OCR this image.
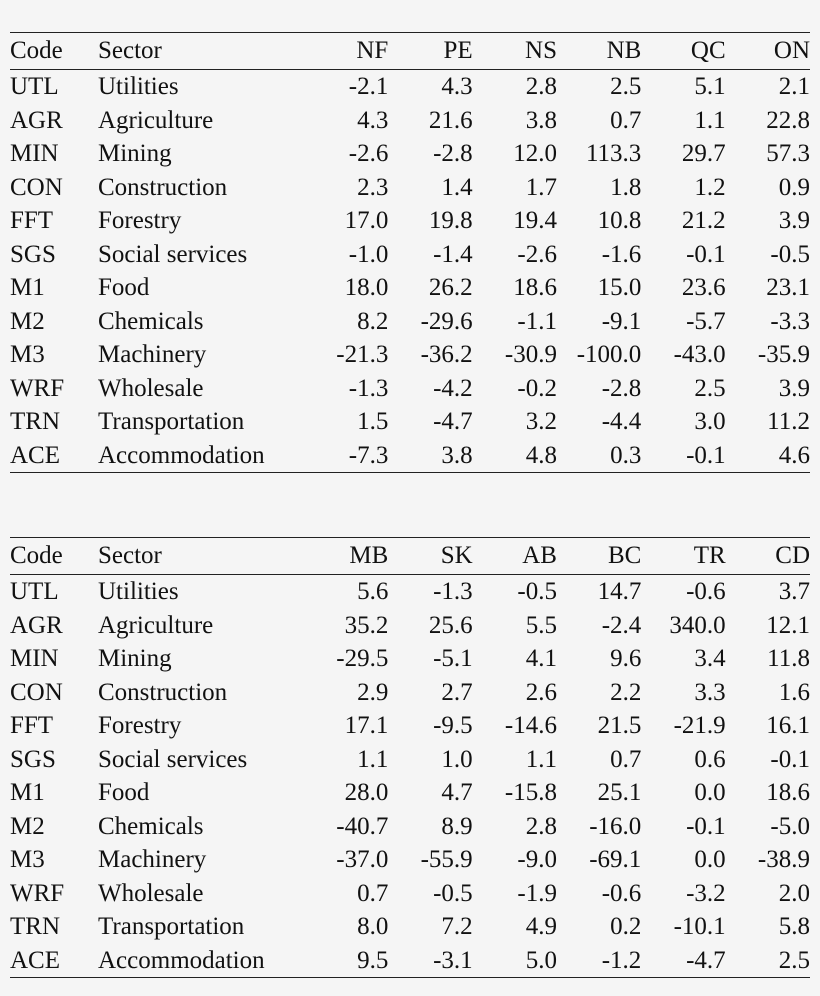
Code	Sector	NF	PE	NS	NB	QC	ON
UTL	Utilities	-2.1	4.3	2.8	2.5	5.1	2.1
AGR	Agriculture	4.3	21.6	3.8	0.7	1.1	22.8
MIN	Mining	-2.6	-2.8	12.0	113.3	29.7	57.3
CON	Construction	2.3	1.4	1.7	1.8	1.2	0.9
FFT	Forestry	17.0	19.8	19.4	10.8	21.2	3.9
SGS	Social services	-1.0	-1.4	-2.6	-1.6	-0.1	-0.5
M1	Food	18.0	26.2	18.6	15.0	23.6	23.1
M2	Chemicals	8.2	-29.6	-1.1	-9.1	-5.7	-3.3
M3	Machinery	-21.3	-36.2	-30.9	-100.0	-43.0	-35.9
WRF	Wholesale	-1.3	-4.2	-0.2	-2.8	2.5	3.9
TRN	Transportation	1.5	-4.7	3.2	-4.4	3.0	11.2
ACE	Accommodation	-7.3	3.8	4.8	0.3	-0.1	4.6
Code	Sector	MB	SK	AB	BC	TR	CD
UTL	Utilities	5.6	-1.3	-0.5	14.7	-0.6	3.7
AGR	Agriculture	35.2	25.6	5.5	-2.4	340.0	12.1
MIN	Mining	-29.5	-5.1	4.1	9.6	3.4	11.8
CON	Construction	2.9	2.7	2.6	2.2	3.3	1.6
FFT	Forestry	17.1	-9.5	-14.6	21.5	-21.9	16.1
SGS	Social services	1.1	1.0	1.1	0.7	0.6	-0.1
M1	Food	28.0	4.7	-15.8	25.1	0.0	18.6
M2	Chemicals	-40.7	8.9	2.8	-16.0	-0.1	-5.0
M3	Machinery	-37.0	-55.9	-9.0	-69.1	0.0	-38.9
WRF	Wholesale	0.7	-0.5	-1.9	-0.6	-3.2	2.0
TRN	Transportation	8.0	7.2	4.9	0.2	-10.1	5.8
ACE	Accommodation	9.5	-3.1	5.0	-1.2	-4.7	2.5
